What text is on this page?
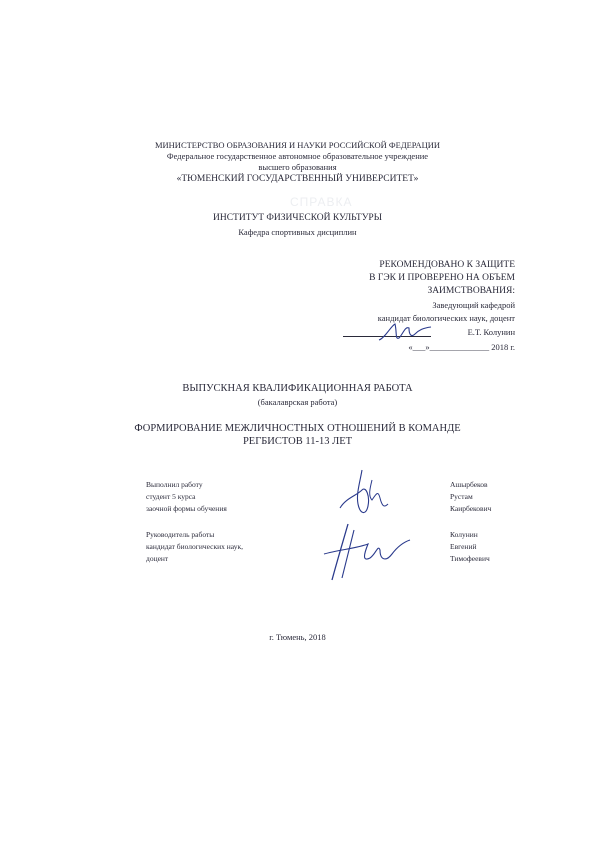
СПРАВКА
МИНИСТЕРСТВО ОБРАЗОВАНИЯ И НАУКИ РОССИЙСКОЙ ФЕДЕРАЦИИ
Федеральное государственное автономное образовательное учреждение
высшего образования
«ТЮМЕНСКИЙ ГОСУДАРСТВЕННЫЙ УНИВЕРСИТЕТ»
ИНСТИТУТ ФИЗИЧЕСКОЙ КУЛЬТУРЫ
Кафедра спортивных дисциплин
РЕКОМЕНДОВАНО К ЗАЩИТЕ
В ГЭК И ПРОВЕРЕНО НА ОБЪЕМ
ЗАИМСТВОВАНИЯ:
Заведующий кафедрой
кандидат биологических наук, доцент
Е.Т. Колунин
«___»______________ 2018 г.
ВЫПУСКНАЯ КВАЛИФИКАЦИОННАЯ РАБОТА
(бакалаврская работа)
ФОРМИРОВАНИЕ МЕЖЛИЧНОСТНЫХ ОТНОШЕНИЙ В КОМАНДЕ
РЕГБИСТОВ 11-13 ЛЕТ
Выполнил работу
студент 5 курса
заочной формы обучения
Ашырбеков
Рустам
Каирбекович
Руководитель работы
кандидат биологических наук,
доцент
Колунин
Евгений
Тимофеевич
г. Тюмень, 2018
